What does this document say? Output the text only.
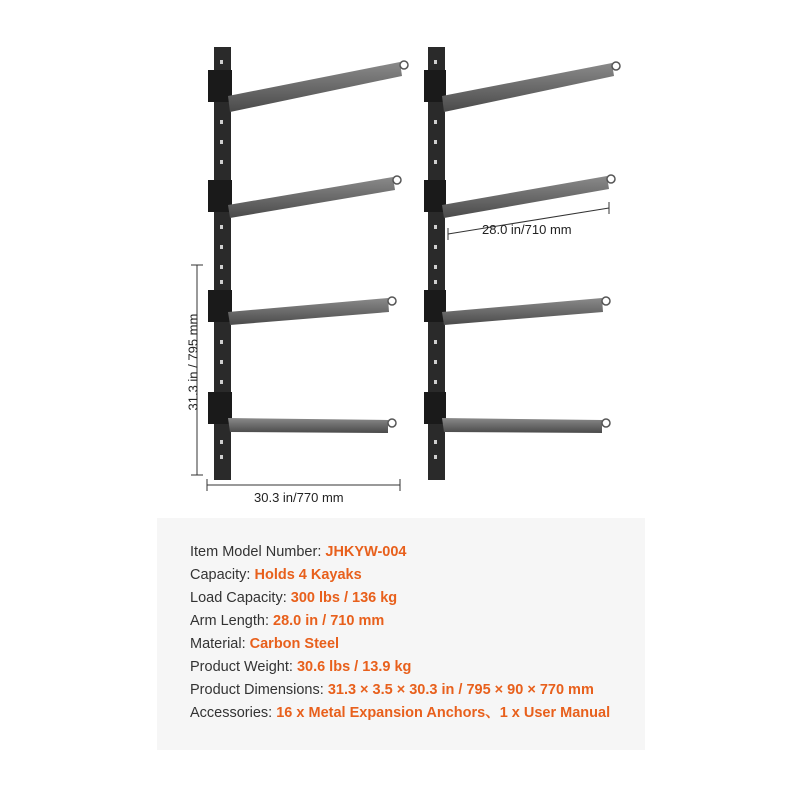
28.0 in/710 mm
30.3 in/770 mm
31.3 in / 795 mm
Item Model Number: JHKYW-004
Capacity: Holds 4 Kayaks
Load Capacity: 300 lbs / 136 kg
Arm Length: 28.0 in / 710 mm
Material: Carbon Steel
Product Weight: 30.6 lbs / 13.9 kg
Product Dimensions: 31.3 × 3.5 × 30.3 in / 795 × 90 × 770 mm
Accessories: 16 x Metal Expansion Anchors、1 x User Manual
